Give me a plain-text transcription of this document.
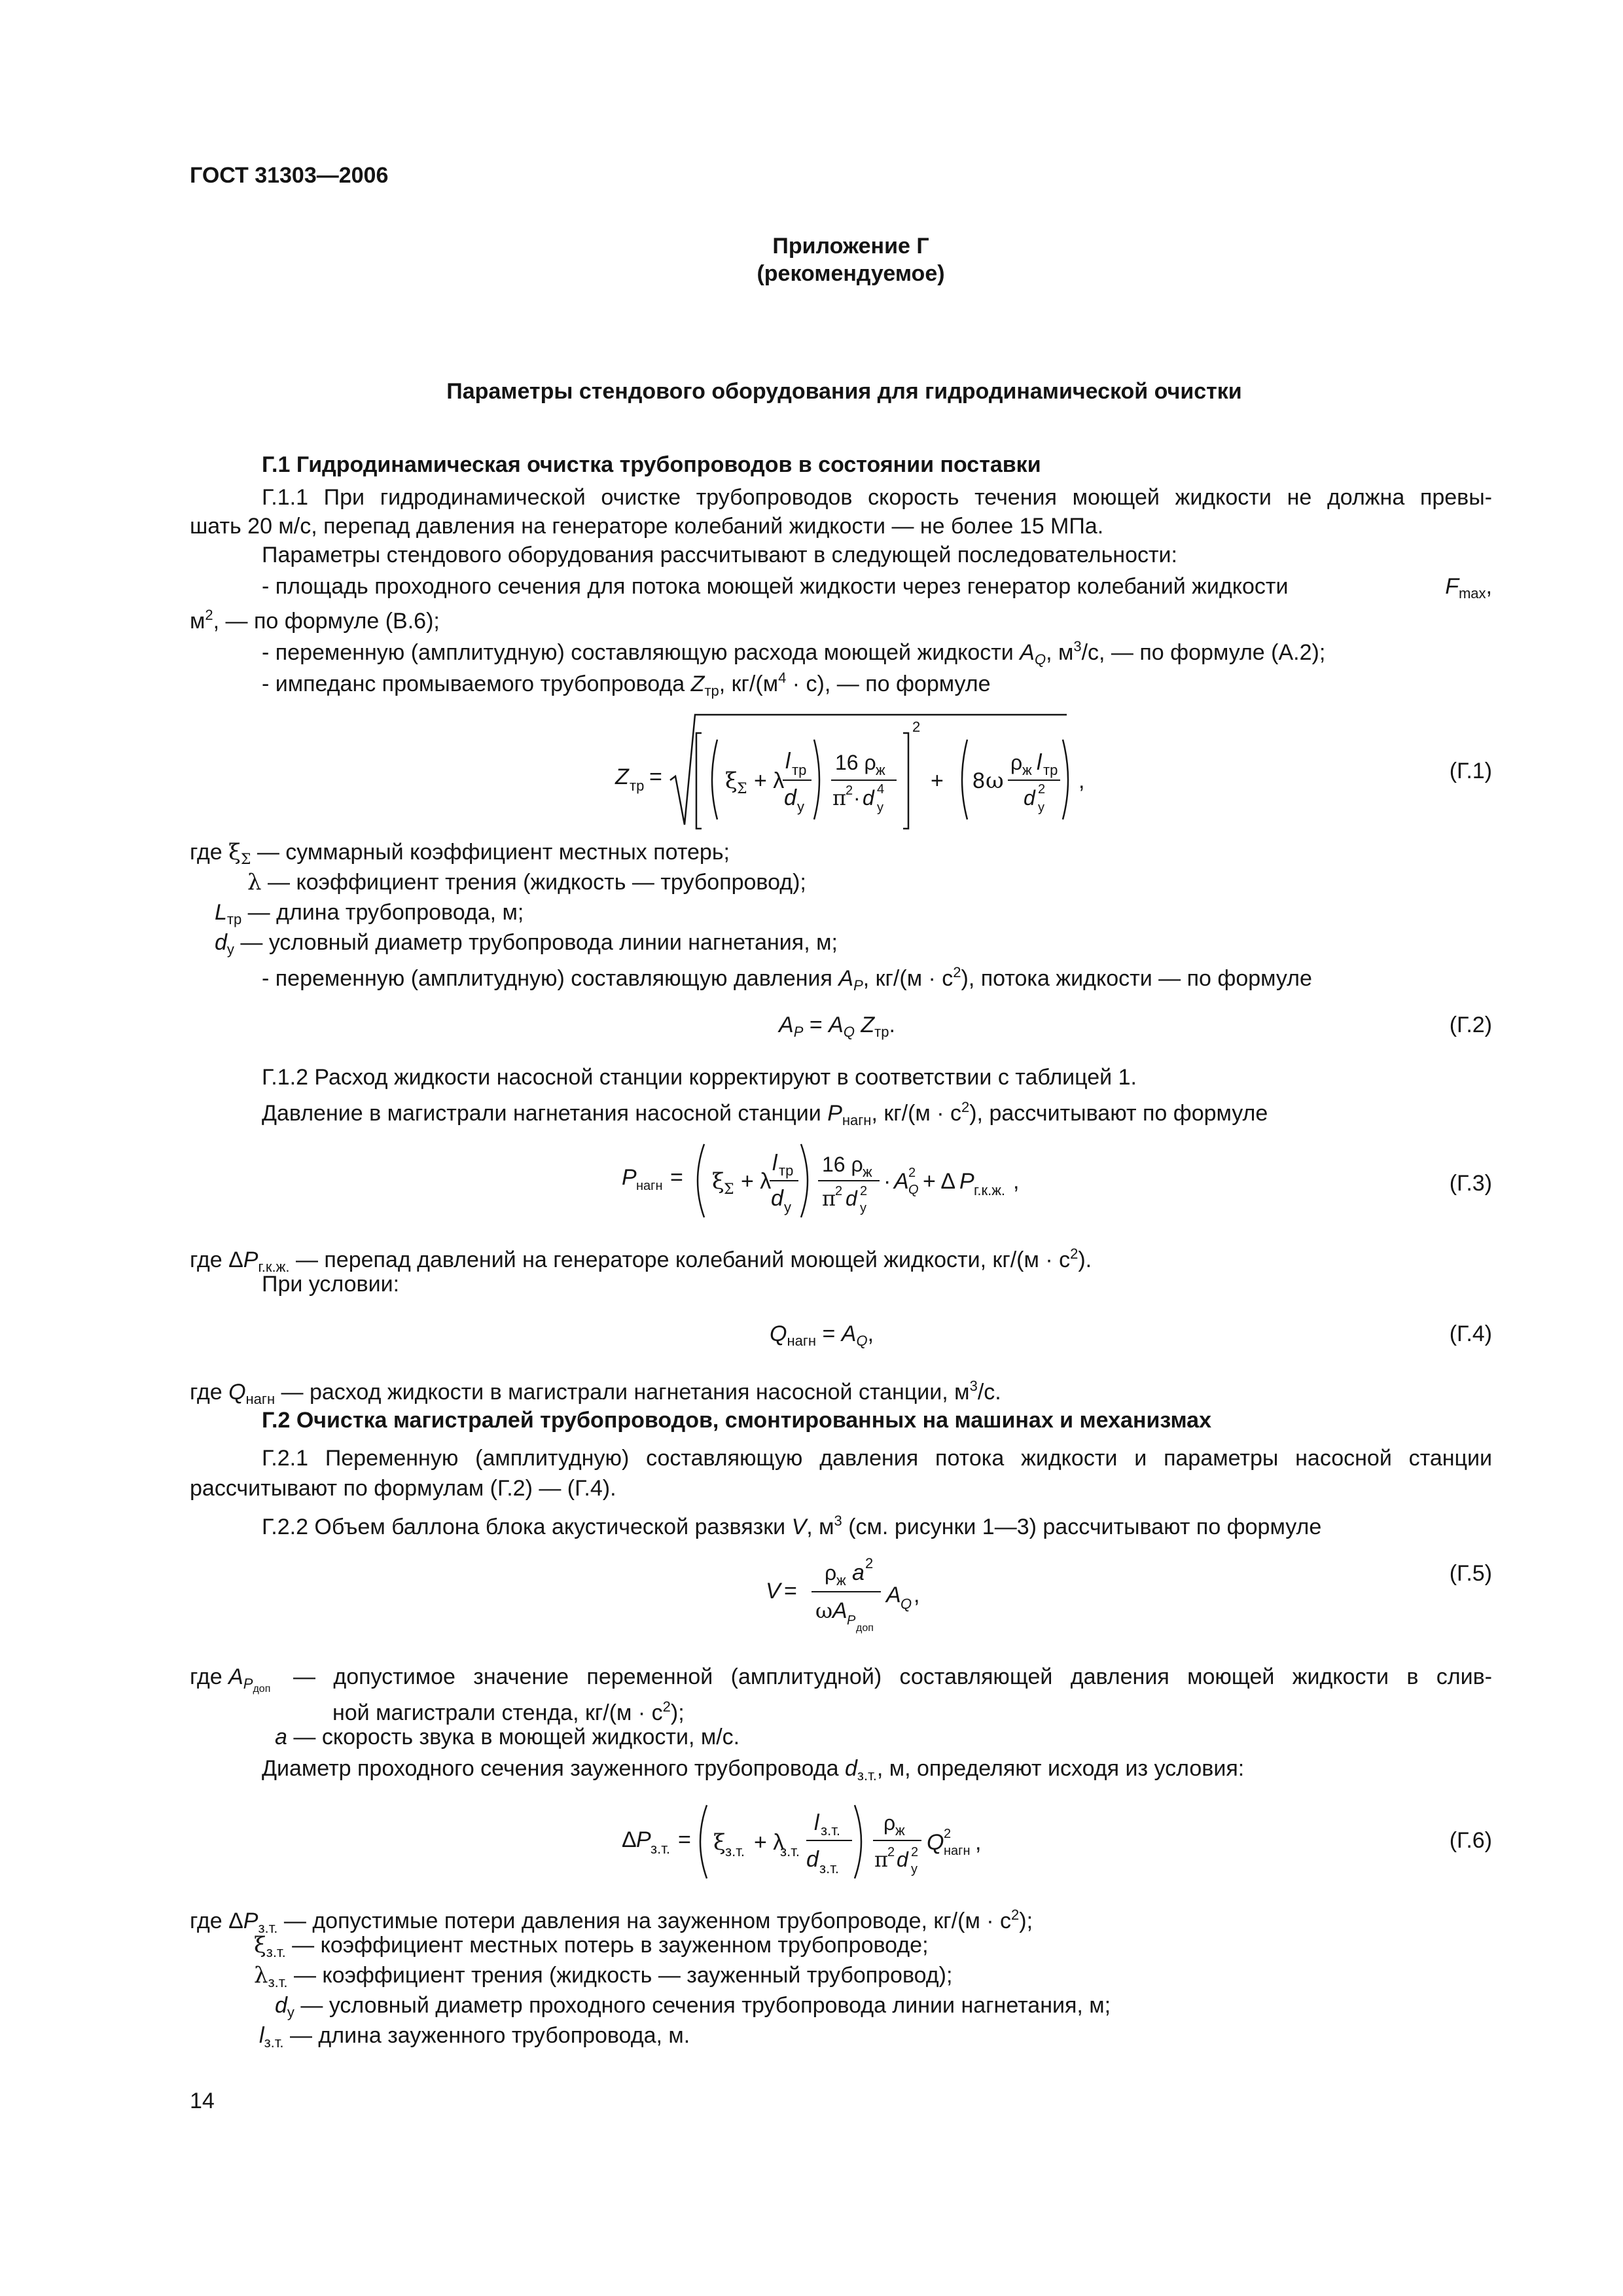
ГОСТ 31303—2006
Приложение Г
(рекомендуемое)
Параметры стендового оборудования для гидродинамической очистки
Г.1 Гидродинамическая очистка трубопроводов в состоянии поставки
Г.1.1 При гидродинамической очистке трубопроводов скорость течения моющей жидкости не должна превы-
шать 20 м/с, перепад давления на генераторе колебаний жидкости — не более 15 МПа.
Параметры стендового оборудования рассчитывают в следующей последовательности:
- площадь проходного сечения для потока моющей жидкости через генератор колебаний жидкости	$F_{max}$,
$м^2$, — по формуле (В.6);
- переменную (амплитудную) составляющую расхода моющей жидкости $A_Q$, $м^3/с$, — по формуле (А.2);
- импеданс промываемого трубопровода $Z_{тр}$, $кг/(м^4 \cdot с)$, — по формуле
Z тр =	ξ Σ + λ
l тр
d у
16 ρ ж
π
2 · d 4
у
2
+ 8 ω
ρ ж l тр
d 2
у
,	(Г.1)
где $\xi_\Sigma$ — суммарный коэффициент местных потерь;
λ — коэффициент трения (жидкость — трубопровод);
$L_{тр}$ — длина трубопровода, м;
$d_у$ — условный диаметр трубопровода линии нагнетания, м;
- переменную (амплитудную) составляющую давления $A_P$, $кг/(м \cdot с^2)$, потока жидкости — по формуле
$A_P = A_Q$ $Z_{тр}$.	(Г.2)
Г.1.2 Расход жидкости насосной станции корректируют в соответствии с таблицей 1.
Давление в магистрали нагнетания насосной станции $P_{нагн}$, $кг/(м \cdot с^2)$, рассчитывают по формуле
P нагн = ξ Σ + λ
l тр
d у
16 ρ ж
π
2 d 2
у
· A 2
Q + Δ P г.к.ж. ,	(Г.3)
где $\Delta P_{г.к.ж.}$ — перепад давлений на генераторе колебаний моющей жидкости, $кг/(м \cdot с^2)$.
При условии:
$Q_{нагн} = A_Q$,	(Г.4)
где $Q_{нагн}$ — расход жидкости в магистрали нагнетания насосной станции, $м^3/с$.
Г.2 Очистка магистралей трубопроводов, смонтированных на машинах и механизмах
Г.2.1 Переменную (амплитудную) составляющую давления потока жидкости и параметры насосной станции
рассчитывают по формулам (Г.2) — (Г.4).
Г.2.2 Объем баллона блока акустической развязки V, $м^3$ (см. рисунки 1—3) рассчитывают по формуле
V =
ρ ж a 2
ω A P
доп
A Q ,
(Г.5)
где $A_{P_{доп}}$ — допустимое значение переменной (амплитудной) составляющей давления моющей жидкости в слив-
ной магистрали стенда, $кг/(м \cdot с^2)$;
a — скорость звука в моющей жидкости, м/с.
Диаметр проходного сечения зауженного трубопровода $d_{з.т.}$, м, определяют исходя из условия:
Δ P з.т. = ξ з.т. + λ
з.т.
l з.т.
d з.т.
ρ ж
π
2 d 2
у
Q 2
нагн ,	(Г.6)
где $\Delta P_{з.т.}$ — допустимые потери давления на зауженном трубопроводе, $кг/(м \cdot с^2)$;
$\xi_{з.т.}$ — коэффициент местных потерь в зауженном трубопроводе;
$\lambda_{з.т.}$ — коэффициент трения (жидкость — зауженный трубопровод);
$d_у$ — условный диаметр проходного сечения трубопровода линии нагнетания, м;
$l_{з.т.}$ — длина зауженного трубопровода, м.
14
